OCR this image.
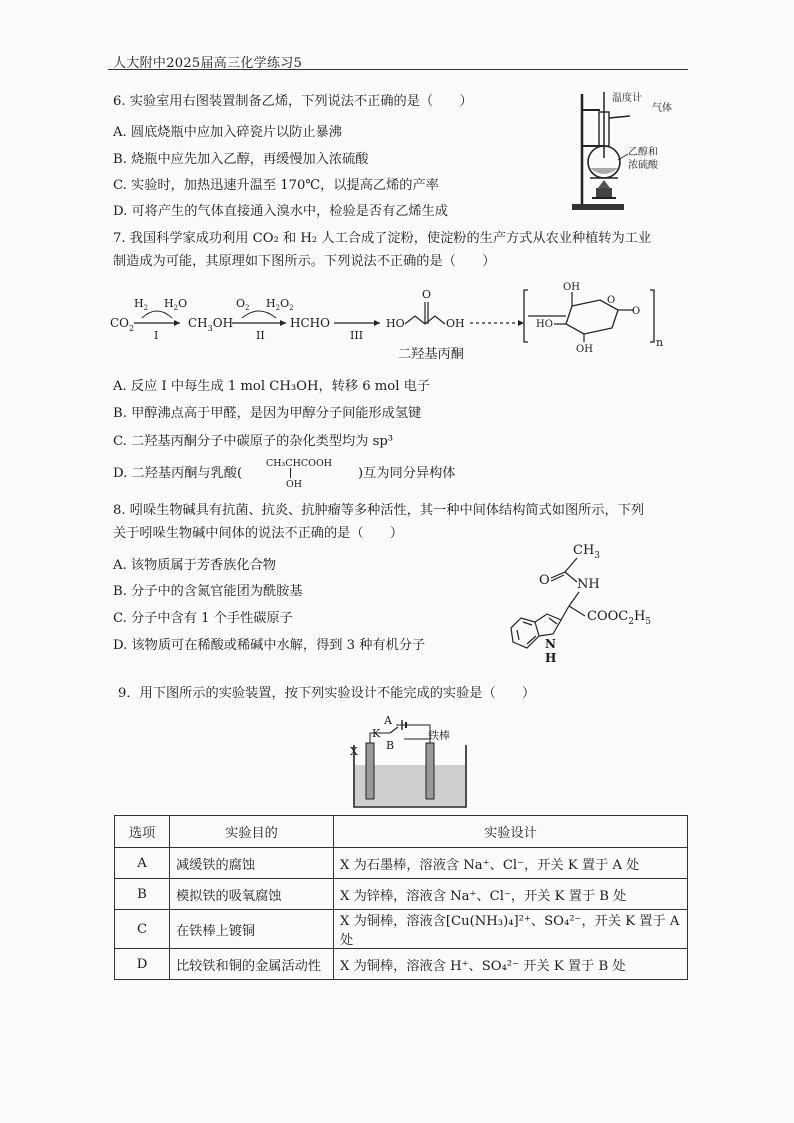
人大附中2025届高三化学练习5
6. 实验室用右图装置制备乙烯，下列说法不正确的是（　　）
A. 圆底烧瓶中应加入碎瓷片以防止暴沸
B. 烧瓶中应先加入乙醇，再缓慢加入浓硫酸
C. 实验时，加热迅速升温至 170℃，以提高乙烯的产率
D. 可将产生的气体直接通入溴水中，检验是否有乙烯生成
温度计
气体
乙醇和
浓硫酸
7. 我国科学家成功利用 CO₂ 和 H₂ 人工合成了淀粉，使淀粉的生产方式从农业种植转为工业
制造成为可能，其原理如下图所示。下列说法不正确的是（　　）
$CO_2$
$H_2$ $H_2O$
I
$CH_3OH$
$O_2$ $H_2O_2$
II
HCHO
III
HO
O
OH
n
OH
HO
OH
O
O
二羟基丙酮
A. 反应 I 中每生成 1 mol CH₃OH，转移 6 mol 电子
B. 甲醇沸点高于甲醛，是因为甲醇分子间能形成氢键
C. 二羟基丙酮分子中碳原子的杂化类型均为 sp³
D. 二羟基丙酮与乳酸(
CH₃CHCOOH
OH
)互为同分异构体
8. 吲哚生物碱具有抗菌、抗炎、抗肿瘤等多种活性，其一种中间体结构简式如图所示，下列
关于吲哚生物碱中间体的说法不正确的是（　　）
A. 该物质属于芳香族化合物
B. 分子中的含氮官能团为酰胺基
C. 分子中含有 1 个手性碳原子
D. 该物质可在稀酸或稀碱中水解，得到 3 种有机分子
$CH_3$
O NH
$COOC_2H_5$
N
H
9．用下图所示的实验装置，按下列实验设计不能完成的实验是（　　）
A
K
B
X
铁棒
选项	实验目的	实验设计
A	减缓铁的腐蚀	X 为石墨棒，溶液含 Na⁺、Cl⁻，开关 K 置于 A 处
B	模拟铁的吸氧腐蚀	X 为锌棒，溶液含 Na⁺、Cl⁻，开关 K 置于 B 处
C	在铁棒上镀铜	X 为铜棒，溶液含[Cu(NH₃)₄]²⁺、SO₄²⁻，开关 K 置于 A 处
D	比较铁和铜的金属活动性	X 为铜棒，溶液含 H⁺、SO₄²⁻ 开关 K 置于 B 处
